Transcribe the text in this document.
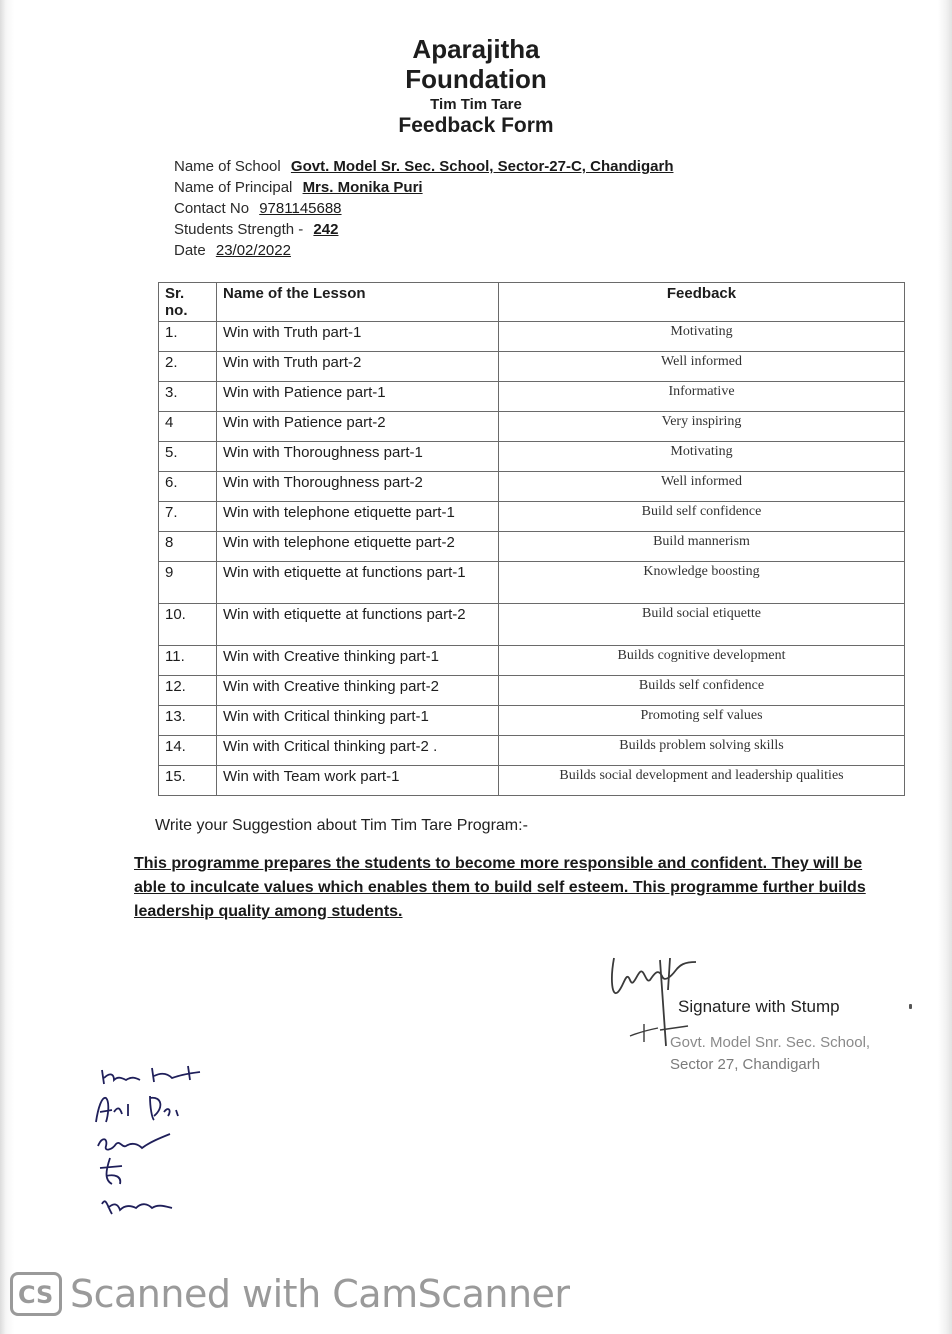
Aparajitha
Foundation
Tim Tim Tare
Feedback Form
Name of School Govt. Model Sr. Sec. School, Sector-27-C, Chandigarh
Name of Principal Mrs. Monika Puri
Contact No 9781145688
Students Strength - 242
Date 23/02/2022
Sr. no.	Name of the Lesson	Feedback
1.	Win with Truth part-1	Motivating
2.	Win with Truth part-2	Well informed
3.	Win with Patience part-1	Informative
4	Win with Patience part-2	Very inspiring
5.	Win with Thoroughness part-1	Motivating
6.	Win with Thoroughness part-2	Well informed
7.	Win with telephone etiquette part-1	Build self confidence
8	Win with telephone etiquette part-2	Build mannerism
9	Win with etiquette at functions part-1	Knowledge boosting
10.	Win with etiquette at functions part-2	Build social etiquette
11.	Win with Creative thinking part-1	Builds cognitive development
12.	Win with Creative thinking part-2	Builds self confidence
13.	Win with Critical thinking part-1	Promoting self values
14.	Win with Critical thinking part-2 .	Builds problem solving skills
15.	Win with Team work part-1	Builds social development and leadership qualities
Write your Suggestion about Tim Tim Tare Program:-
This programme prepares the students to become more responsible and confident. They will be able to inculcate values which enables them to build self esteem. This programme further builds leadership quality among students.
Signature with Stump
Govt. Model Snr. Sec. School,
Sector 27, Chandigarh
CS Scanned with CamScanner
